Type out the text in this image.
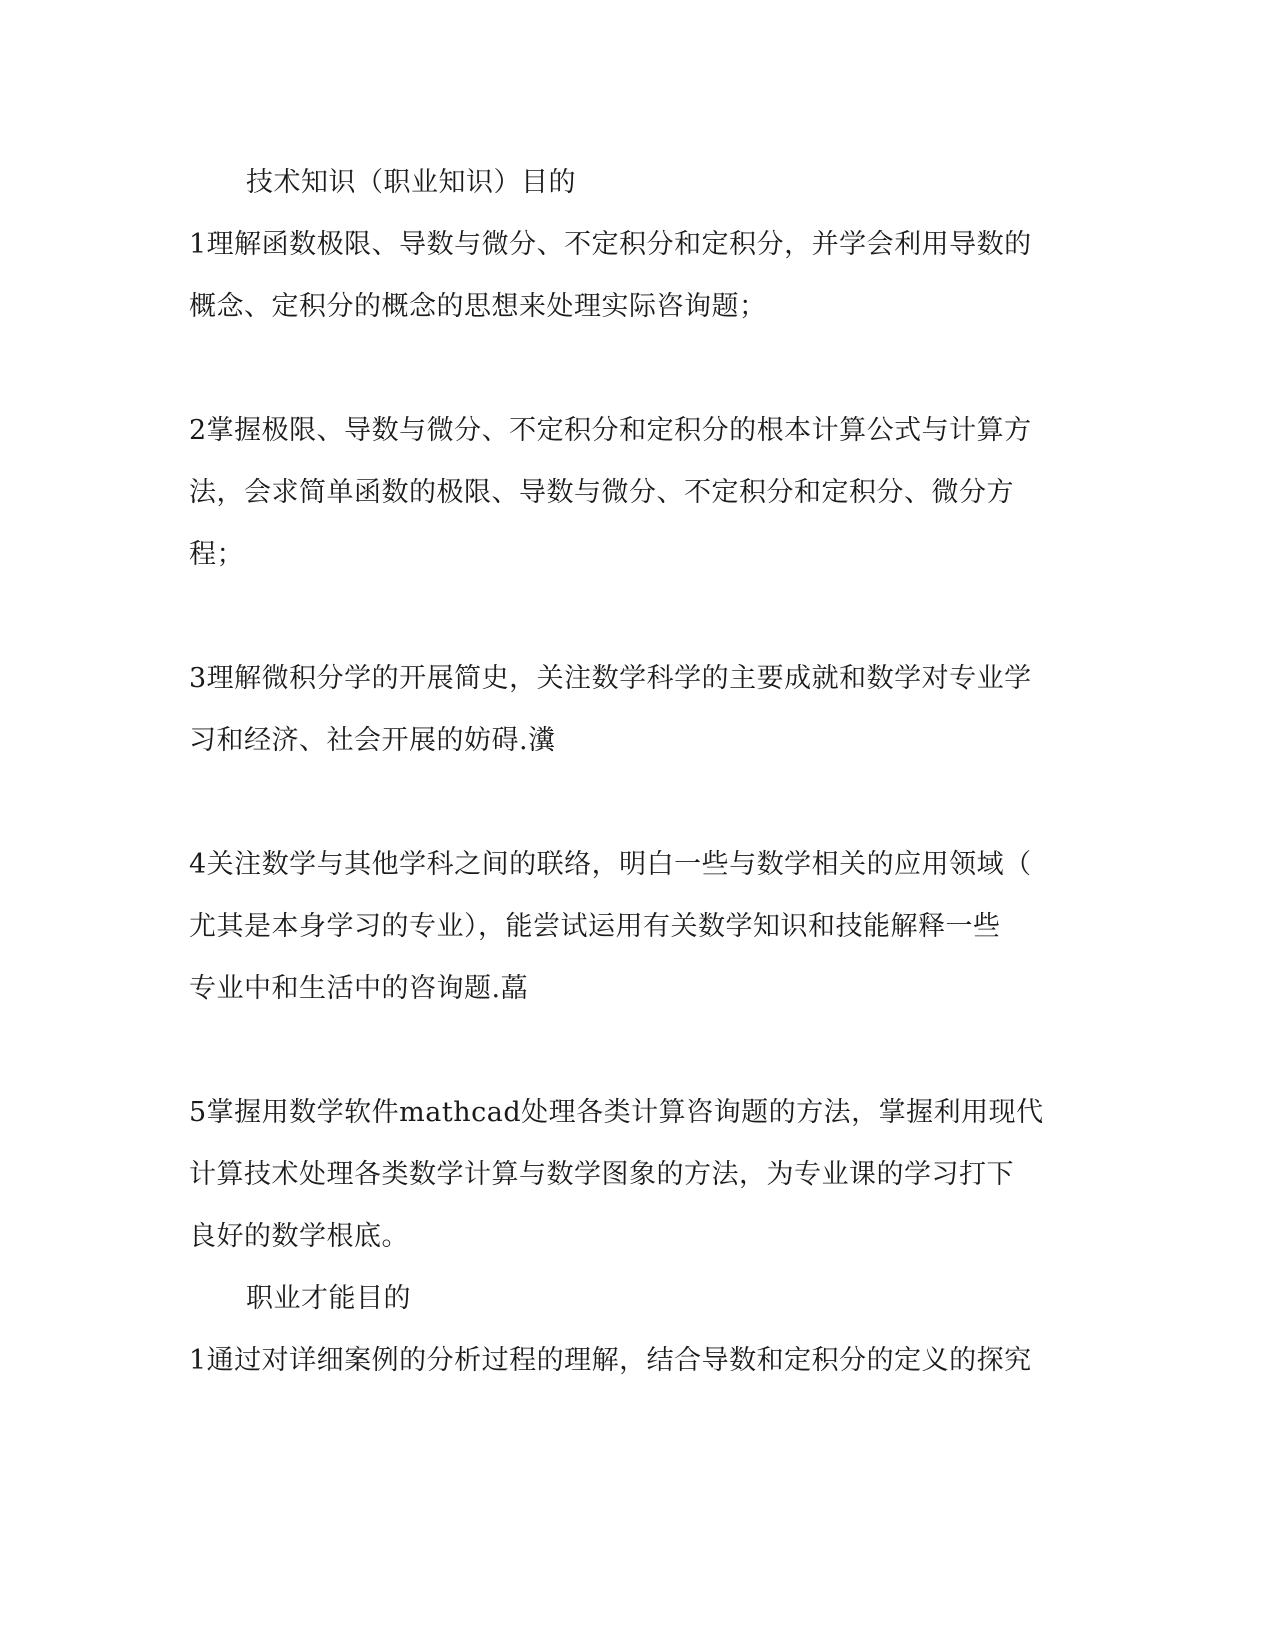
技术知识（职业知识）目的
1理解函数极限、导数与微分、不定积分和定积分，并学会利用导数的
概念、定积分的概念的思想来处理实际咨询题；
2掌握极限、导数与微分、不定积分和定积分的根本计算公式与计算方
法，会求简单函数的极限、导数与微分、不定积分和定积分、微分方
程；
3理解微积分学的开展简史，关注数学科学的主要成就和数学对专业学
习和经济、社会开展的妨碍.瀵
4关注数学与其他学科之间的联络，明白一些与数学相关的应用领域（
尤其是本身学习的专业），能尝试运用有关数学知识和技能解释一些
专业中和生活中的咨询题.藠
5掌握用数学软件mathcad处理各类计算咨询题的方法，掌握利用现代
计算技术处理各类数学计算与数学图象的方法，为专业课的学习打下
良好的数学根底。
职业才能目的
1通过对详细案例的分析过程的理解，结合导数和定积分的定义的探究
